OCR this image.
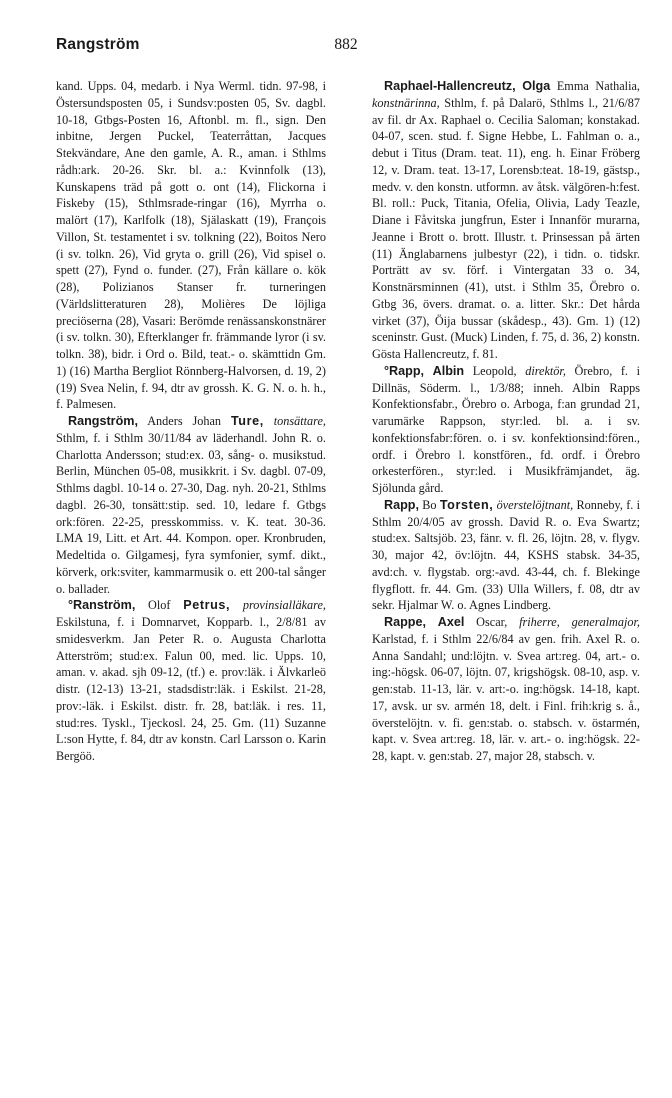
Rangström	882

kand. Upps. 04, medarb. i Nya Werml. tidn. 97-98, i Östersundsposten 05, i Sundsv:posten 05, Sv. dagbl. 10-18, Gtbgs-Posten 16, Aftonbl. m. fl., sign. Den inbitne, Jergen Puckel, Teaterråttan, Jacques Stekvändare, Ane den gamle, A. R., aman. i Sthlms rådh:ark. 20-26. Skr. bl. a.: Kvinnfolk (13), Kunskapens träd på gott o. ont (14), Flickorna i Fiskeby (15), Sthlmsrade-ringar (16), Myrrha o. malört (17), Karlfolk (18), Själaskatt (19), François Villon, St. testamentet i sv. tolkning (22), Boitos Nero (i sv. tolkn. 26), Vid gryta o. grill (26), Vid spisel o. spett (27), Fynd o. funder. (27), Från källare o. kök (28), Polizianos Stanser fr. turneringen (Världslitteraturen 28), Molières De löjliga preciöserna (28), Vasari: Berömde renässanskonstnärer (i sv. tolkn. 30), Efterklanger fr. främmande lyror (i sv. tolkn. 38), bidr. i Ord o. Bild, teat.- o. skämttidn Gm. 1) (16) Martha Bergliot Rönnberg-Halvorsen, d. 19, 2) (19) Svea Nelin, f. 94, dtr av grossh. K. G. N. o. h. h., f. Palmesen.

Rangström, Anders Johan Ture, tonsättare, Sthlm, f. i Sthlm 30/11/84 av läderhandl. John R. o. Charlotta Andersson; stud:ex. 03, sång- o. musikstud. Berlin, München 05-08, musikkrit. i Sv. dagbl. 07-09, Sthlms dagbl. 10-14 o. 27-30, Dag. nyh. 20-21, Sthlms dagbl. 26-30, tonsätt:stip. sed. 10, ledare f. Gtbgs ork:fören. 22-25, presskommiss. v. K. teat. 30-36. LMA 19, Litt. et Art. 44. Kompon. oper. Kronbruden, Medeltida o. Gilgamesj, fyra symfonier, symf. dikt., körverk, ork:sviter, kammarmusik o. ett 200-tal sånger o. ballader.

°Ranström, Olof Petrus, provinsialläkare, Eskilstuna, f. i Domnarvet, Kopparb. l., 2/8/81 av smidesverkm. Jan Peter R. o. Augusta Charlotta Atterström; stud:ex. Falun 00, med. lic. Upps. 10, aman. v. akad. sjh 09-12, (tf.) e. prov:läk. i Älvkarleö distr. (12-13) 13-21, stadsdistr:läk. i Eskilst. 21-28, prov:-läk. i Eskilst. distr. fr. 28, bat:läk. i res. 11, stud:res. Tyskl., Tjeckosl. 24, 25. Gm. (11) Suzanne L:son Hytte, f. 84, dtr av konstn. Carl Larsson o. Karin Bergöö.

Raphael-Hallencreutz, Olga Emma Nathalia, konstnärinna, Sthlm, f. på Dalarö, Sthlms l., 21/6/87 av fil. dr Ax. Raphael o. Cecilia Saloman; konstakad. 04-07, scen. stud. f. Signe Hebbe, L. Fahlman o. a., debut i Titus (Dram. teat. 11), eng. h. Einar Fröberg 12, v. Dram. teat. 13-17, Lorensb:teat. 18-19, gästsp., medv. v. den konstn. utformn. av åtsk. välgören-h:fest. Bl. roll.: Puck, Titania, Ofelia, Olivia, Lady Teazle, Diane i Fåvitska jungfrun, Ester i Innanför murarna, Jeanne i Brott o. brott. Illustr. t. Prinsessan på ärten (11) Änglabarnens julbestyr (22), i tidn. o. tidskr. Porträtt av sv. förf. i Vintergatan 33 o. 34, Konstnärsminnen (41), utst. i Sthlm 35, Örebro o. Gtbg 36, övers. dramat. o. a. litter. Skr.: Det hårda virket (37), Öija bussar (skådesp., 43). Gm. 1) (12) sceninstr. Gust. (Muck) Linden, f. 75, d. 36, 2) konstn. Gösta Hallencreutz, f. 81.

°Rapp, Albin Leopold, direktör, Örebro, f. i Dillnäs, Söderm. l., 1/3/88; inneh. Albin Rapps Konfektionsfabr., Örebro o. Arboga, f:an grundad 21, varumärke Rappson, styr:led. bl. a. i sv. konfektionsfabr:fören. o. i sv. konfektionsind:fören., ordf. i Örebro l. konstfören., fd. ordf. i Örebro orkesterfören., styr:led. i Musikfrämjandet, äg. Sjölunda gård.

Rapp, Bo Torsten, överstelöjtnant, Ronneby, f. i Sthlm 20/4/05 av grossh. David R. o. Eva Swartz; stud:ex. Saltsjöb. 23, fänr. v. fl. 26, löjtn. 28, v. flygv. 30, major 42, öv:löjtn. 44, KSHS stabsk. 34-35, avd:ch. v. flygstab. org:-avd. 43-44, ch. f. Blekinge flygflott. fr. 44. Gm. (33) Ulla Willers, f. 08, dtr av sekr. Hjalmar W. o. Agnes Lindberg.

Rappe, Axel Oscar, friherre, generalmajor, Karlstad, f. i Sthlm 22/6/84 av gen. frih. Axel R. o. Anna Sandahl; und:löjtn. v. Svea art:reg. 04, art.- o. ing:-högsk. 06-07, löjtn. 07, krigshögsk. 08-10, asp. v. gen:stab. 11-13, lär. v. art:-o. ing:högsk. 14-18, kapt. 17, avsk. ur sv. armén 18, delt. i Finl. frih:krig s. å., överstelöjtn. v. fi. gen:stab. o. stabsch. v. östarmén, kapt. v. Svea art:reg. 18, lär. v. art.- o. ing:högsk. 22-28, kapt. v. gen:stab. 27, major 28, stabsch. v.
